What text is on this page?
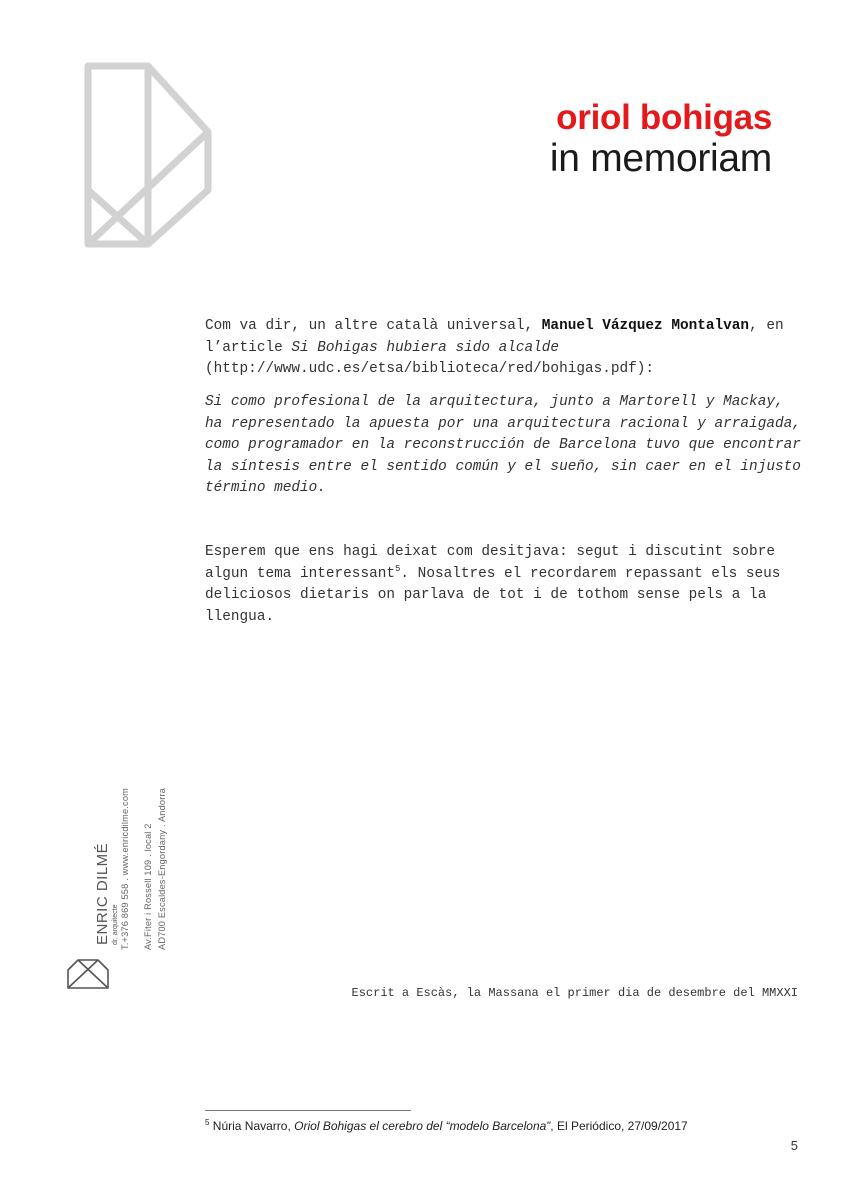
oriol bohigas
in memoriam

Com va dir, un altre català universal, Manuel Vázquez Montalvan, en l’article Si Bohigas hubiera sido alcalde (http://www.udc.es/etsa/biblioteca/red/bohigas.pdf):

Si como profesional de la arquitectura, junto a Martorell y Mackay, ha representado la apuesta por una arquitectura racional y arraigada, como programador en la reconstrucción de Barcelona tuvo que encontrar la síntesis entre el sentido común y el sueño, sin caer en el injusto término medio.

Esperem que ens hagi deixat com desitjava: segut i discutint sobre algun tema interessant$^5$. Nosaltres el recordarem repassant els seus deliciosos dietaris on parlava de tot i de tothom sense pels a la llengua.

ENRIC DILMÉ dr. arquitecte T.+376 869 558 . www.enricdilme.com Av.Fiter i Rossell 109 . local 2 AD700 Escaldes-Engordany . Andorra
Escrit a Escàs, la Massana el primer dia de desembre del MMXXI
$^5$ Núria Navarro, Oriol Bohigas el cerebro del “modelo Barcelona”, El Periódico, 27/09/2017
5
